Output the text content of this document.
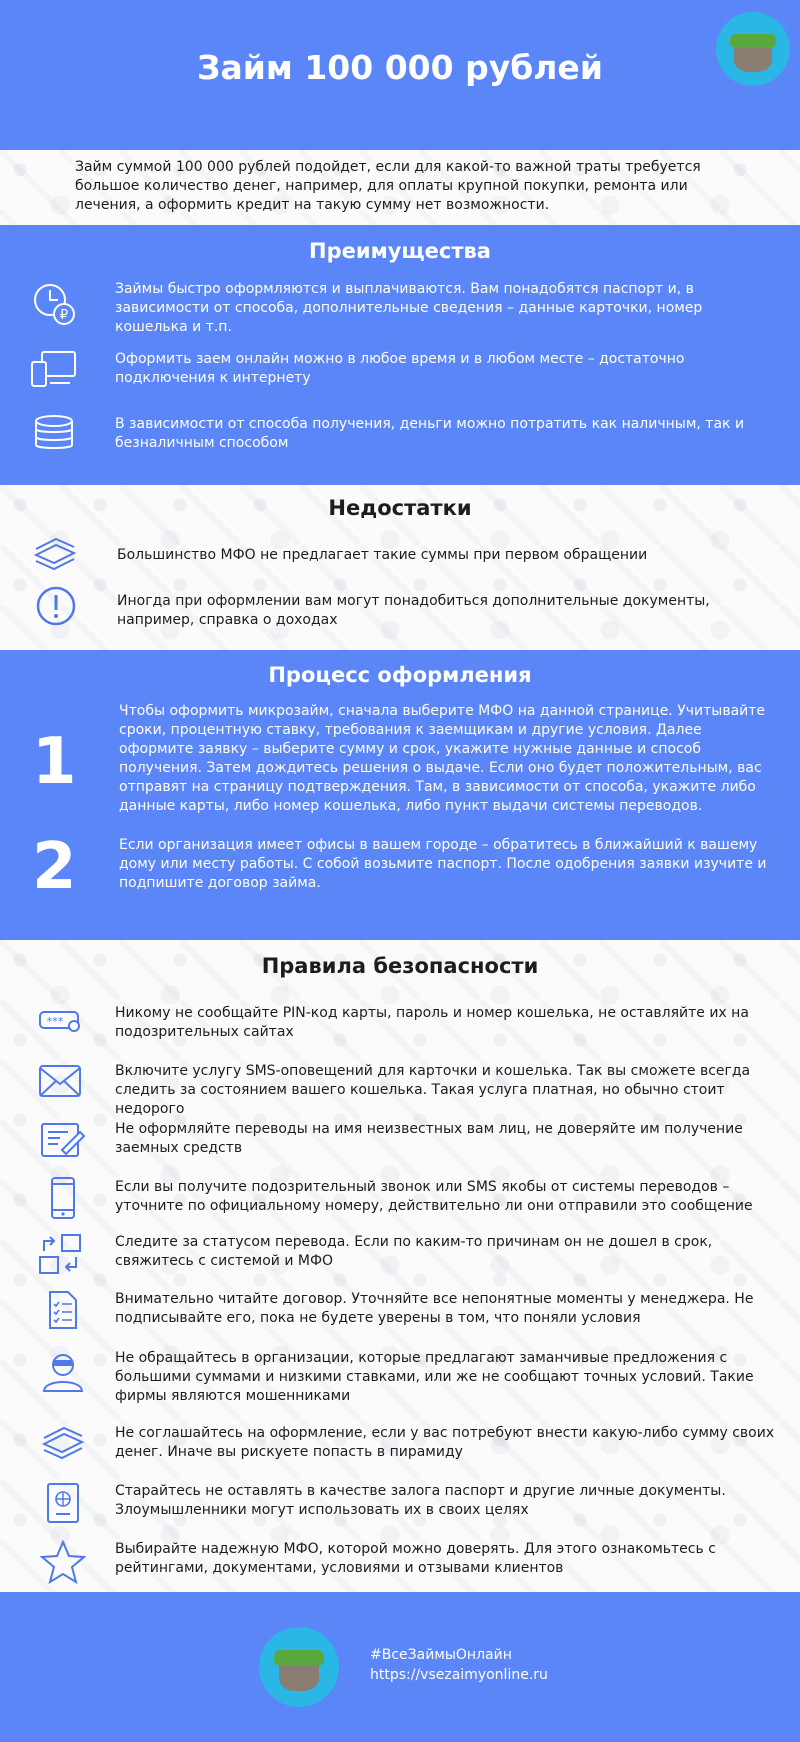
Займ 100 000 рублей

Займ суммой 100 000 рублей подойдет, если для какой-то важной траты требуется большое количество денег, например, для оплаты крупной покупки, ремонта или лечения, а оформить кредит на такую сумму нет возможности.

Преимущества
₽

Займы быстро оформляются и выплачиваются. Вам понадобятся паспорт и, в зависимости от способа, дополнительные сведения – данные карточки, номер кошелька и т.п.

Оформить заем онлайн можно в любое время и в любом месте – достаточно подключения к интернету

В зависимости от способа получения, деньги можно потратить как наличным, так и безналичным способом

Недостатки

Большинство МФО не предлагает такие суммы при первом обращении

Иногда при оформлении вам могут понадобиться дополнительные документы, например, справка о доходах

Процесс оформления
1

Чтобы оформить микрозайм, сначала выберите МФО на данной странице. Учитывайте сроки, процентную ставку, требования к заемщикам и другие условия. Далее оформите заявку – выберите сумму и срок, укажите нужные данные и способ получения. Затем дождитесь решения о выдаче. Если оно будет положительным, вас отправят на страницу подтверждения. Там, в зависимости от способа, укажите либо данные карты, либо номер кошелька, либо пункт выдачи системы переводов.

2	Если организация имеет офисы в вашем городе – обратитесь в ближайший к вашему дому или месту работы. С собой возьмите паспорт. После одобрения заявки изучите и подпишите договор займа.

Правила безопасности
***

Никому не сообщайте PIN-код карты, пароль и номер кошелька, не оставляйте их на подозрительных сайтах

Включите услугу SMS-оповещений для карточки и кошелька. Так вы сможете всегда следить за состоянием вашего кошелька. Такая услуга платная, но обычно стоит недорого

Не оформляйте переводы на имя неизвестных вам лиц, не доверяйте им получение заемных средств

Если вы получите подозрительный звонок или SMS якобы от системы переводов – уточните по официальному номеру, действительно ли они отправили это сообщение

Следите за статусом перевода. Если по каким-то причинам он не дошел в срок, свяжитесь с системой и МФО

Внимательно читайте договор. Уточняйте все непонятные моменты у менеджера. Не подписывайте его, пока не будете уверены в том, что поняли условия

Не обращайтесь в организации, которые предлагают заманчивые предложения с большими суммами и низкими ставками, или же не сообщают точных условий. Такие фирмы являются мошенниками

Не соглашайтесь на оформление, если у вас потребуют внести какую-либо сумму своих денег. Иначе вы рискуете попасть в пирамиду

Старайтесь не оставлять в качестве залога паспорт и другие личные документы. Злоумышленники могут использовать их в своих целях

Выбирайте надежную МФО, которой можно доверять. Для этого ознакомьтесь с рейтингами, документами, условиями и отзывами клиентов

#ВсеЗаймыОнлайн
https://vsezaimyonline.ru
